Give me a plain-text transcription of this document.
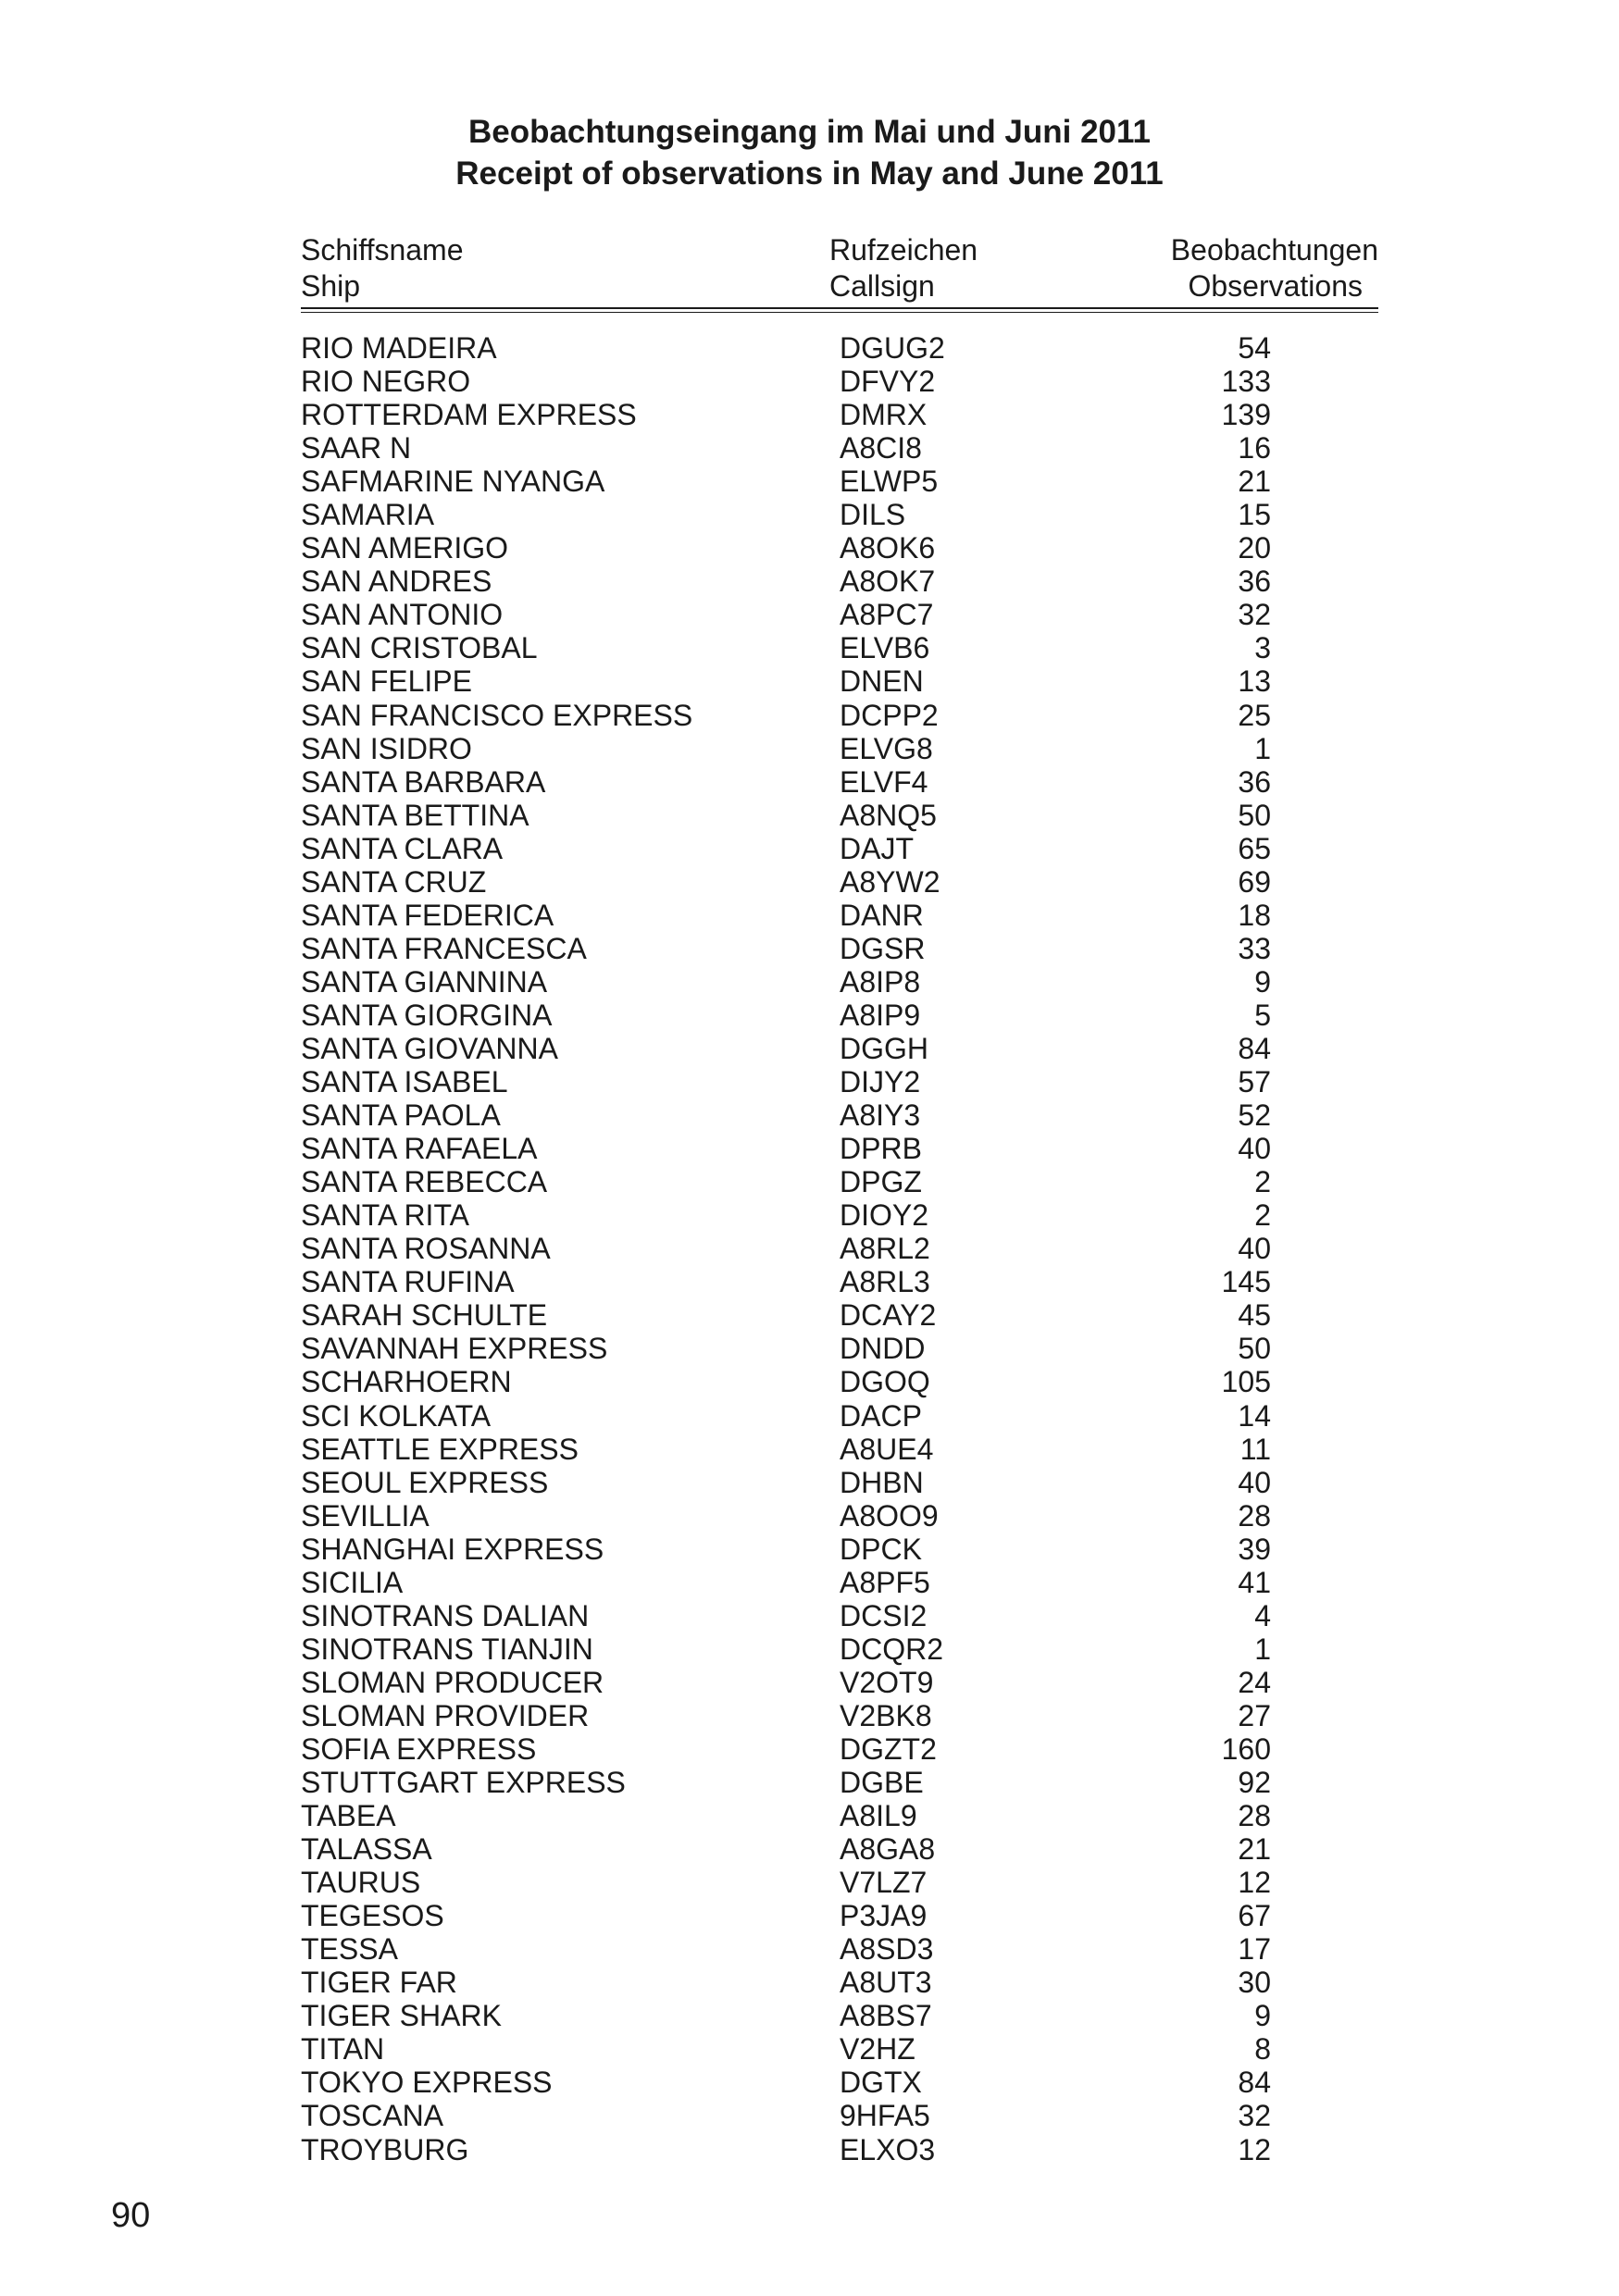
Beobachtungseingang im Mai und Juni 2011
Receipt of observations in May and June 2011
Schiffsname	Rufzeichen	Beobachtungen
Ship	Callsign	Observations
RIO MADEIRA	DGUG2	54
RIO NEGRO	DFVY2	133
ROTTERDAM EXPRESS	DMRX	139
SAAR N	A8CI8	16
SAFMARINE NYANGA	ELWP5	21
SAMARIA	DILS	15
SAN AMERIGO	A8OK6	20
SAN ANDRES	A8OK7	36
SAN ANTONIO	A8PC7	32
SAN CRISTOBAL	ELVB6	3
SAN FELIPE	DNEN	13
SAN FRANCISCO EXPRESS	DCPP2	25
SAN ISIDRO	ELVG8	1
SANTA BARBARA	ELVF4	36
SANTA BETTINA	A8NQ5	50
SANTA CLARA	DAJT	65
SANTA CRUZ	A8YW2	69
SANTA FEDERICA	DANR	18
SANTA FRANCESCA	DGSR	33
SANTA GIANNINA	A8IP8	9
SANTA GIORGINA	A8IP9	5
SANTA GIOVANNA	DGGH	84
SANTA ISABEL	DIJY2	57
SANTA PAOLA	A8IY3	52
SANTA RAFAELA	DPRB	40
SANTA REBECCA	DPGZ	2
SANTA RITA	DIOY2	2
SANTA ROSANNA	A8RL2	40
SANTA RUFINA	A8RL3	145
SARAH SCHULTE	DCAY2	45
SAVANNAH EXPRESS	DNDD	50
SCHARHOERN	DGOQ	105
SCI KOLKATA	DACP	14
SEATTLE EXPRESS	A8UE4	11
SEOUL EXPRESS	DHBN	40
SEVILLIA	A8OO9	28
SHANGHAI EXPRESS	DPCK	39
SICILIA	A8PF5	41
SINOTRANS DALIAN	DCSI2	4
SINOTRANS TIANJIN	DCQR2	1
SLOMAN PRODUCER	V2OT9	24
SLOMAN PROVIDER	V2BK8	27
SOFIA EXPRESS	DGZT2	160
STUTTGART EXPRESS	DGBE	92
TABEA	A8IL9	28
TALASSA	A8GA8	21
TAURUS	V7LZ7	12
TEGESOS	P3JA9	67
TESSA	A8SD3	17
TIGER FAR	A8UT3	30
TIGER SHARK	A8BS7	9
TITAN	V2HZ	8
TOKYO EXPRESS	DGTX	84
TOSCANA	9HFA5	32
TROYBURG	ELXO3	12
90
